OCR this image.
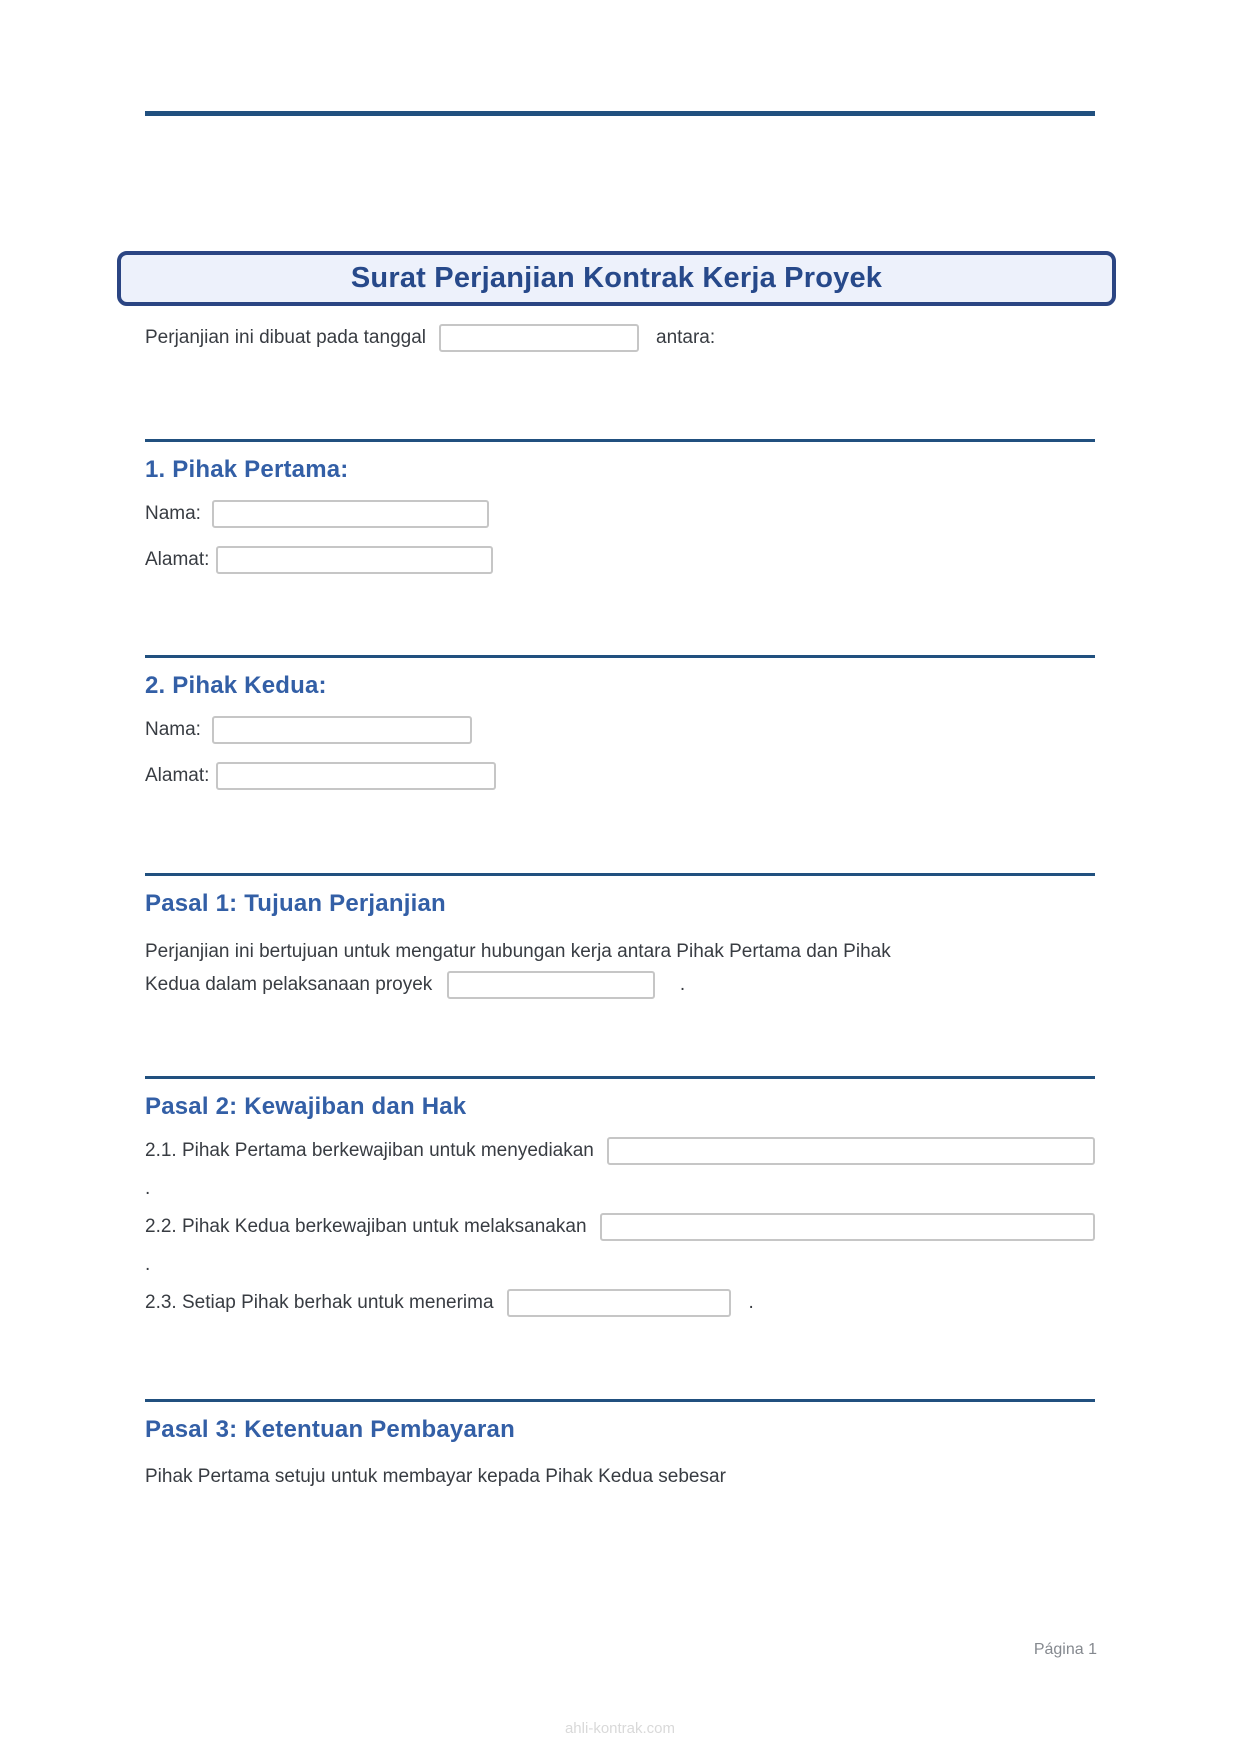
Surat Perjanjian Kontrak Kerja Proyek
Perjanjian ini dibuat pada tanggal	antara:
1. Pihak Pertama:
Nama:
Alamat:
2. Pihak Kedua:
Nama:
Alamat:
Pasal 1: Tujuan Perjanjian
Perjanjian ini bertujuan untuk mengatur hubungan kerja antara Pihak Pertama dan Pihak
Kedua dalam pelaksanaan proyek	.
Pasal 2: Kewajiban dan Hak
2.1. Pihak Pertama berkewajiban untuk menyediakan
.
2.2. Pihak Kedua berkewajiban untuk melaksanakan
.
2.3. Setiap Pihak berhak untuk menerima	.
Pasal 3: Ketentuan Pembayaran
Pihak Pertama setuju untuk membayar kepada Pihak Kedua sebesar
Página 1
ahli-kontrak.com
